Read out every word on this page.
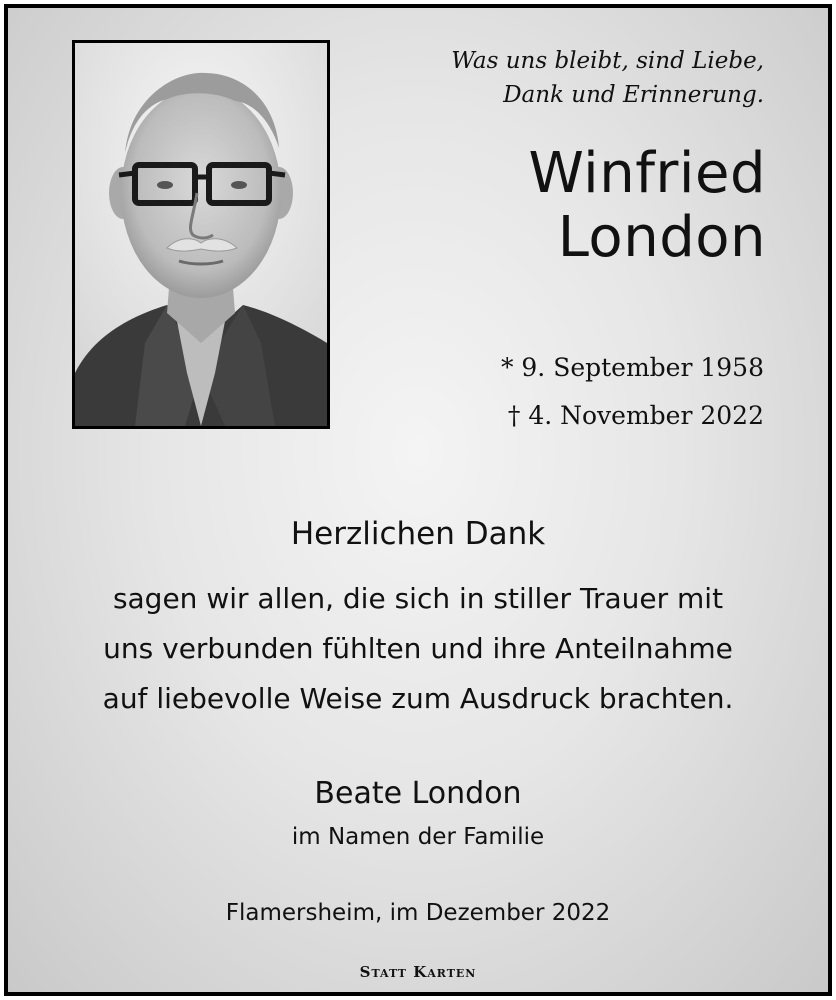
Was uns bleibt, sind Liebe,
Dank und Erinnerung.
Winfried
London
* 9. September 1958
† 4. November 2022
Herzlichen Dank
sagen wir allen, die sich in stiller Trauer mit
uns verbunden fühlten und ihre Anteilnahme
auf liebevolle Weise zum Ausdruck brachten.
Beate London
im Namen der Familie
Flamersheim, im Dezember 2022
Statt Karten
